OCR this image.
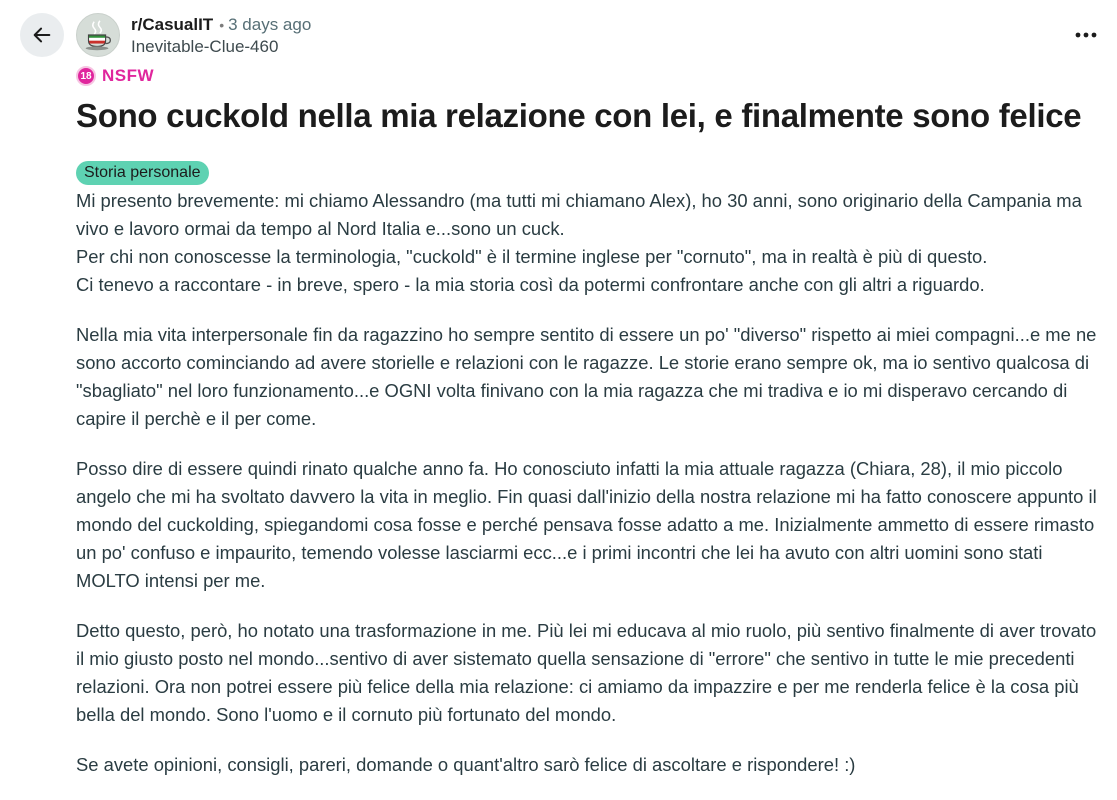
r/CasualIT • 3 days ago
Inevitable-Clue-460
18 NSFW
Sono cuckold nella mia relazione con lei, e finalmente sono felice
Storia personale

Mi presento brevemente: mi chiamo Alessandro (ma tutti mi chiamano Alex), ho 30 anni, sono originario della Campania ma vivo e lavoro ormai da tempo al Nord Italia e...sono un cuck.
Per chi non conoscesse la terminologia, "cuckold" è il termine inglese per "cornuto", ma in realtà è più di questo.
Ci tenevo a raccontare - in breve, spero - la mia storia così da potermi confrontare anche con gli altri a riguardo.

Nella mia vita interpersonale fin da ragazzino ho sempre sentito di essere un po' "diverso" rispetto ai miei compagni...e me ne sono accorto cominciando ad avere storielle e relazioni con le ragazze. Le storie erano sempre ok, ma io sentivo qualcosa di "sbagliato" nel loro funzionamento...e OGNI volta finivano con la mia ragazza che mi tradiva e io mi disperavo cercando di capire il perchè e il per come.

Posso dire di essere quindi rinato qualche anno fa. Ho conosciuto infatti la mia attuale ragazza (Chiara, 28), il mio piccolo angelo che mi ha svoltato davvero la vita in meglio. Fin quasi dall'inizio della nostra relazione mi ha fatto conoscere appunto il mondo del cuckolding, spiegandomi cosa fosse e perché pensava fosse adatto a me. Inizialmente ammetto di essere rimasto un po' confuso e impaurito, temendo volesse lasciarmi ecc...e i primi incontri che lei ha avuto con altri uomini sono stati MOLTO intensi per me.

Detto questo, però, ho notato una trasformazione in me. Più lei mi educava al mio ruolo, più sentivo finalmente di aver trovato il mio giusto posto nel mondo...sentivo di aver sistemato quella sensazione di "errore" che sentivo in tutte le mie precedenti relazioni. Ora non potrei essere più felice della mia relazione: ci amiamo da impazzire e per me renderla felice è la cosa più bella del mondo. Sono l'uomo e il cornuto più fortunato del mondo.

Se avete opinioni, consigli, pareri, domande o quant'altro sarò felice di ascoltare e rispondere! :)
